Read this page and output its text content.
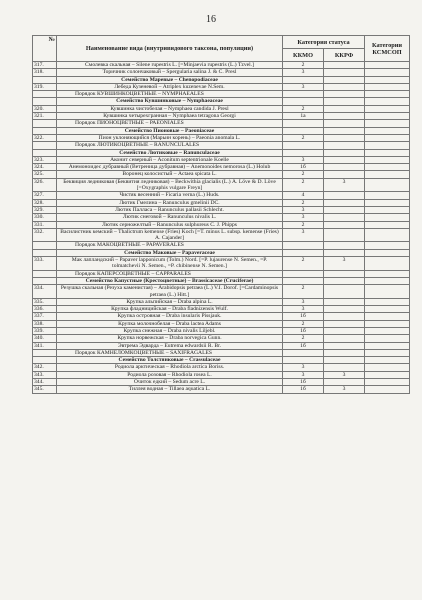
16
№	Наименование вида (внутривидового таксона, популяции)	Категория статуса		Категории КСМСОП
		ККМО	ККРФ	
317.	Смолевка скальная – Silene rupestris L. [=Minjaevia rupestris (L.) Tzvel.]	2		
318.	Торичник солончаковый – Spergularia salina J. & C. Presl	3		
	Семейство Маревые – Chenopodiaceae			
319.	Лебеда Кузеневой – Atriplex kuzenevae N.Sem.	3		
	Порядок КУВШИНКОЦВЕТНЫЕ – NYMPHAEALES			
	Семейство Кувшинковые – Nymphaeaceae			
320.	Кувшинка чистобелая – Nymphaea candida J. Presl	2		
321.	Кувшинка четырехгранная – Nymphaea tetragona Georgi	1a		
	Порядок ПИОНОЦВЕТНЫЕ – PAEONIALES			
	Семейство Пионовые – Paeoniaceae			
322.	Пион уклоняющийся (Марьин корень) – Paeonia anomala L.	2		
	Порядок ЛЮТИКОЦВЕТНЫЕ – RANUNCULALES			
	Семейство Лютиковые – Ranunculaceae			
323.	Аконит северный – Aconitum septentrionale Koelle	3		
324.	Анемоноидес дубравный (Ветреница дубравная) – Anemonoides nemorosa (L.) Holub	1б		
325.	Воронец колосистый – Actaea spicata L.	2		
326.	Беквиция ледниковая (Беквития ледниковая) – Beckwithia glacialis (L.) Á. Löve & D. Löve [=Oxygraphis vulgare Freyn]	2	3	
327.	Чистяк весенний – Ficaria verna (L.) Huds.	4		
328.	Лютик Гмелина – Ranunculus gmelinii DC.	2		
329.	Лютик Палласа – Ranunculus pallasii Schlecht.	3		
330.	Лютик снеговой – Ranunculus nivalis L.	3		
331.	Лютик серножелтый – Ranunculus sulphureus C. J. Phipps	2		
332.	Василистник кемский – Thalictrum kemense (Fries) Koch [=T. minus L. subsp. kemense (Fries) A. Cajander]	3		
	Порядок МАКОЦВЕТНЫЕ – PAPAVERALES			
	Семейство Маковые – Papaveraceae			
333.	Мак лапландский – Papaver lapponicum (Tolm.) Nord. [=P. lujaurense N. Semen., =P. tolmatchevii N. Semen., =P. chibinense N. Semen.]	2	3	
	Порядок КАПЕРСОЦВЕТНЫЕ – CAPPARALES			
	Семейство Капустные (Крестоцветные) – Brassicaceae (Cruciferae)			
334.	Резушка скальная (Резуха каменистая) – Arabidopsis petraea (L.) V.I. Dorof. [=Cardaminopsis petraea (L.) Hitt.]	2		
335.	Крупка альпийская – Draba alpina L.	3		
336.	Крупка фладницийская – Draba fladnizensis Wulf.	3		
337.	Крупка островная – Draba insularis Pissjauk.	1б		
338.	Крупка молочнобелая – Draba lactea Adams	2		
339.	Крупка снежная – Draba nivalis Liljebl.	1б		
340.	Крупка норвежская – Draba norvegica Gunn.	2		
341.	Эвтрема Эдварда – Eutrema edwardsii R. Br.	1б		
	Порядок КАМНЕЛОМКОЦВЕТНЫЕ – SAXIFRAGALES			
	Семейство Толстянковые – Crassulaceae			
342.	Родиола арктическая – Rhodiola arctica Boriss.	3		
343.	Родиола розовая – Rhodiola rosea L.	3	3	
344.	Очиток едкий – Sedum acre L.	1б		
345.	Тиллея водная – Tillaea aquatica L.	1б	3	
